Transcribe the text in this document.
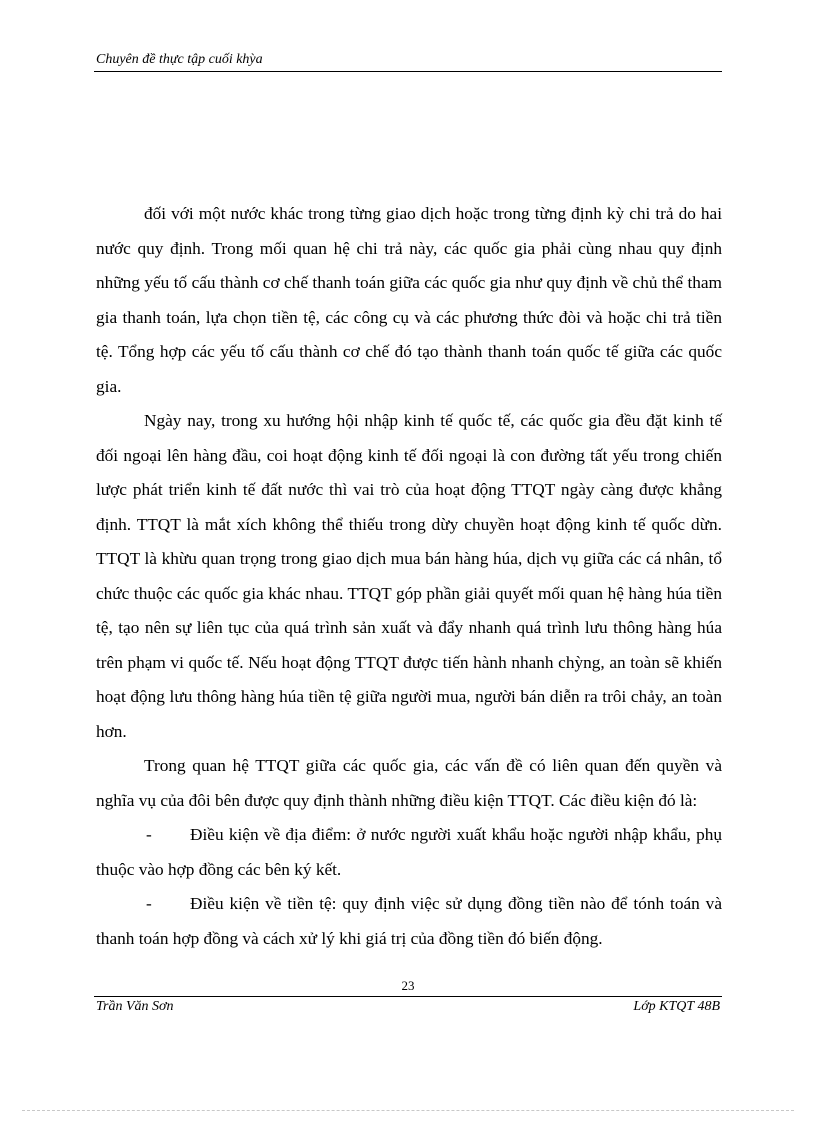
Chuyên đề thực tập cuối khỳa

đối với một nước khác trong từng giao dịch hoặc trong từng định kỳ chi trả do hai nước quy định. Trong mối quan hệ chi trả này, các quốc gia phải cùng nhau quy định những yếu tố cấu thành cơ chế thanh toán giữa các quốc gia như quy định về chủ thể tham gia thanh toán, lựa chọn tiền tệ, các công cụ và các phương thức đòi và hoặc chi trả tiền tệ. Tổng hợp các yếu tố cấu thành cơ chế đó tạo thành thanh toán quốc tế giữa các quốc gia.

Ngày nay, trong xu hướng hội nhập kinh tế quốc tế, các quốc gia đều đặt kinh tế đối ngoại lên hàng đầu, coi hoạt động kinh tế đối ngoại là con đường tất yếu trong chiến lược phát triển kinh tế đất nước thì vai trò của hoạt động TTQT ngày càng được khẳng định. TTQT là mắt xích không thể thiếu trong dừy chuyền hoạt động kinh tế quốc dừn. TTQT là khừu quan trọng trong giao dịch mua bán hàng húa, dịch vụ giữa các cá nhân, tổ chức thuộc các quốc gia khác nhau. TTQT góp phần giải quyết mối quan hệ hàng húa tiền tệ, tạo nên sự liên tục của quá trình sản xuất và đẩy nhanh quá trình lưu thông hàng húa trên phạm vi quốc tế. Nếu hoạt động TTQT được tiến hành nhanh chỳng, an toàn sẽ khiến hoạt động lưu thông hàng húa tiền tệ giữa người mua, người bán diễn ra trôi chảy, an toàn hơn.

Trong quan hệ TTQT giữa các quốc gia, các vấn đề có liên quan đến quyền và nghĩa vụ của đôi bên được quy định thành những điều kiện TTQT. Các điều kiện đó là:

- Điều kiện về địa điểm: ở nước người xuất khẩu hoặc người nhập khẩu, phụ thuộc vào hợp đồng các bên ký kết.

- Điều kiện về tiền tệ: quy định việc sử dụng đồng tiền nào để tónh toán và thanh toán hợp đồng và cách xử lý khi giá trị của đồng tiền đó biến động.

23
Trần Văn Sơn	Lớp KTQT 48B
